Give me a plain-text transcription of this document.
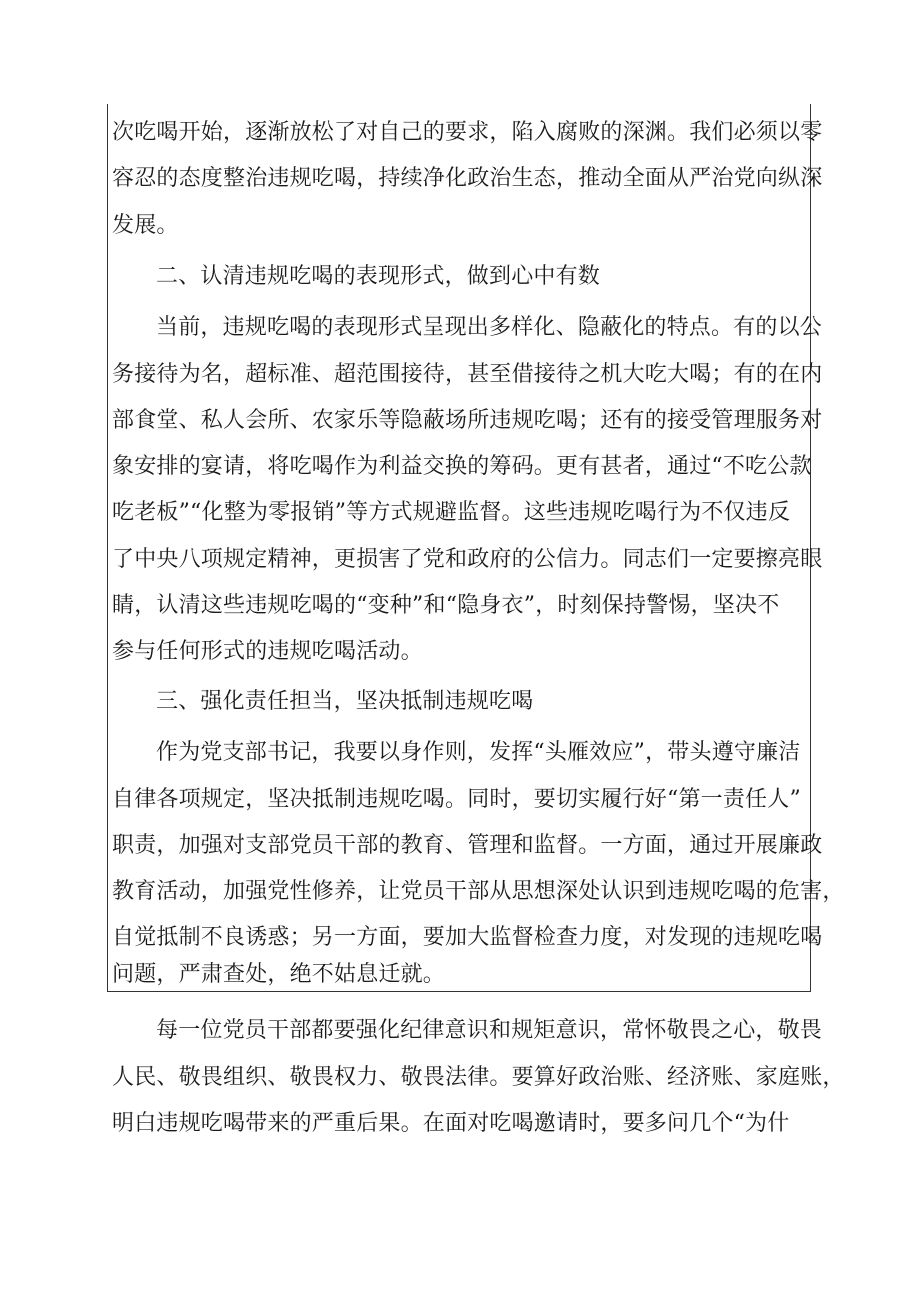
次吃喝开始，逐渐放松了对自己的要求，陷入腐败的深渊。我们必须以零
容忍的态度整治违规吃喝，持续净化政治生态，推动全面从严治党向纵深
发展。
二、认清违规吃喝的表现形式，做到心中有数
当前，违规吃喝的表现形式呈现出多样化、隐蔽化的特点。有的以公
务接待为名，超标准、超范围接待，甚至借接待之机大吃大喝；有的在内
部食堂、私人会所、农家乐等隐蔽场所违规吃喝；还有的接受管理服务对
象安排的宴请，将吃喝作为利益交换的筹码。更有甚者，通过“不吃公款
吃老板”“化整为零报销”等方式规避监督。这些违规吃喝行为不仅违反
了中央八项规定精神，更损害了党和政府的公信力。同志们一定要擦亮眼
睛，认清这些违规吃喝的“变种”和“隐身衣”，时刻保持警惕，坚决不
参与任何形式的违规吃喝活动。
三、强化责任担当，坚决抵制违规吃喝
作为党支部书记，我要以身作则，发挥“头雁效应”，带头遵守廉洁
自律各项规定，坚决抵制违规吃喝。同时，要切实履行好“第一责任人”
职责，加强对支部党员干部的教育、管理和监督。一方面，通过开展廉政
教育活动，加强党性修养，让党员干部从思想深处认识到违规吃喝的危害，
自觉抵制不良诱惑；另一方面，要加大监督检查力度，对发现的违规吃喝
问题，严肃查处，绝不姑息迁就。
每一位党员干部都要强化纪律意识和规矩意识，常怀敬畏之心，敬畏
人民、敬畏组织、敬畏权力、敬畏法律。要算好政治账、经济账、家庭账，
明白违规吃喝带来的严重后果。在面对吃喝邀请时，要多问几个“为什
